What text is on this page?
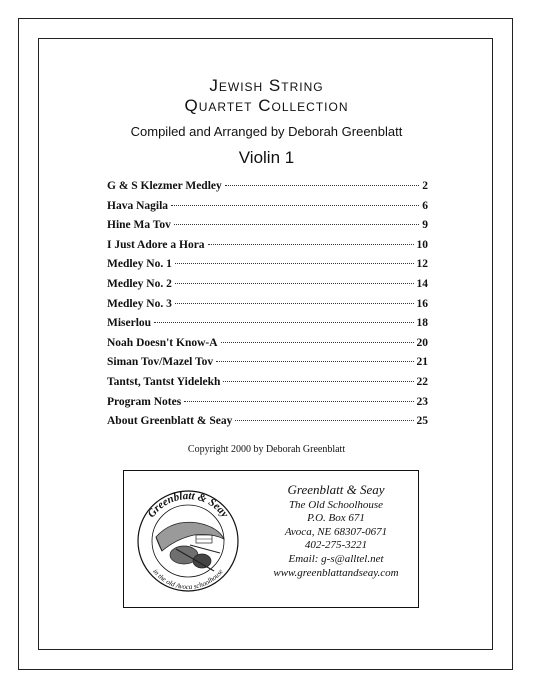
Jewish String
Quartet Collection
Compiled and Arranged by Deborah Greenblatt
Violin 1
G & S Klezmer Medley	2
Hava Nagila	6
Hine Ma Tov	9
I Just Adore a Hora	10
Medley No. 1	12
Medley No. 2	14
Medley No. 3	16
Miserlou	18
Noah Doesn't Know-A	20
Siman Tov/Mazel Tov	21
Tantst, Tantst Yidelekh	22
Program Notes	23
About Greenblatt & Seay	25
Copyright 2000 by Deborah Greenblatt
Greenblatt & Seay
in the old Avoca schoolhouse
Greenblatt & Seay
The Old Schoolhouse
P.O. Box 671
Avoca, NE 68307-0671
402-275-3221
Email: g-s@alltel.net
www.greenblattandseay.com
